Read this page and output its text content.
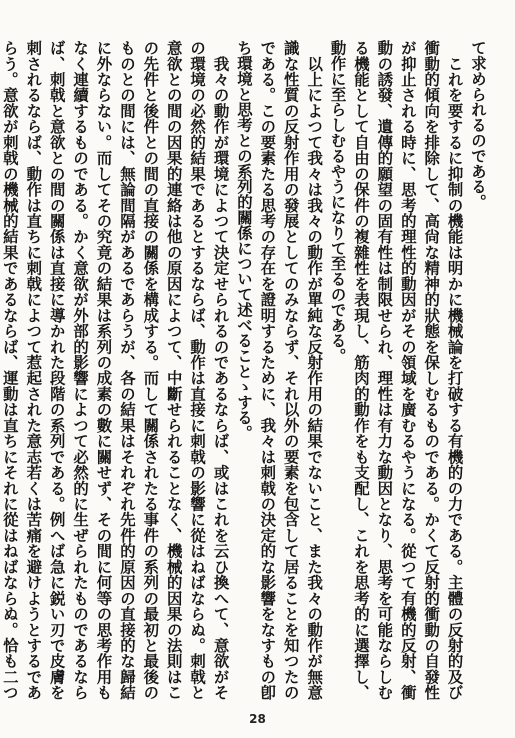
て求められるのである。

　これを要するに抑制の機能は明かに機械論を打破する有機的の力である。主體の反射的及び衝動的傾向を排除して、高尙な精神的狀態を保しむるものである。かくて反射的衝動の自發性が抑止される時に、思考的理性的動因がその領域を廣むるやうになる。從つて有機的反射、衝動の誘發、遺傳的願望の固有性は制限せられ、理性は有力な動因となり、思考を可能ならしむる機能として自由の保件の複雜性を表現し、筋肉的動作をも支配し、これを思考的に選擇し、動作に至らしむるやうになりて至るのである。

　以上によつて我々は我々の動作が單純な反射作用の結果でないこと、また我々の動作が無意識な性質の反射作用の發展としてのみならず、それ以外の要素を包含して居ることを知つたのである。この要素たる思考の存在を證明するために、我々は刺戟の決定的な影響をなすもの卽ち環境と思考との系列的關係について述べることゝする。

　我々の動作が環境によつて決定せられるのであるならば、或はこれを云ひ換へて、意欲がその環境の必然的結果であるとするならば、動作は直接に刺戟の影響に從はねばならぬ。刺戟と意欲との間の因果的連絡は他の原因によつて、中斷せられることなく、機械的因果の法則はこの先件と後件との間の直接の關係を構成する。而して關係されたる事件の系列の最初と最後のものとの間には、無論間隔があるであらうが、各の結果はそれぞれ先件的原因の直接的な歸結に外ならない。而してその究竟の結果は系列の成素の數に關せず、その間に何等の思考作用もなく連續するものである。かく意欲が外部的影響によつて必然的に生ぜられたものであるならば、刺戟と意欲との間の關係は直接に導かれた段階の系列である。例へば急に鋭い刃で皮膚を刺されるならば、動作は直ちに刺戟によつて惹起された意志若くは苦痛を避けようとするであらう。意欲が刺戟の機械的結果であるならば、運動は直ちにそれに從はねばならぬ。恰も二つ

28
